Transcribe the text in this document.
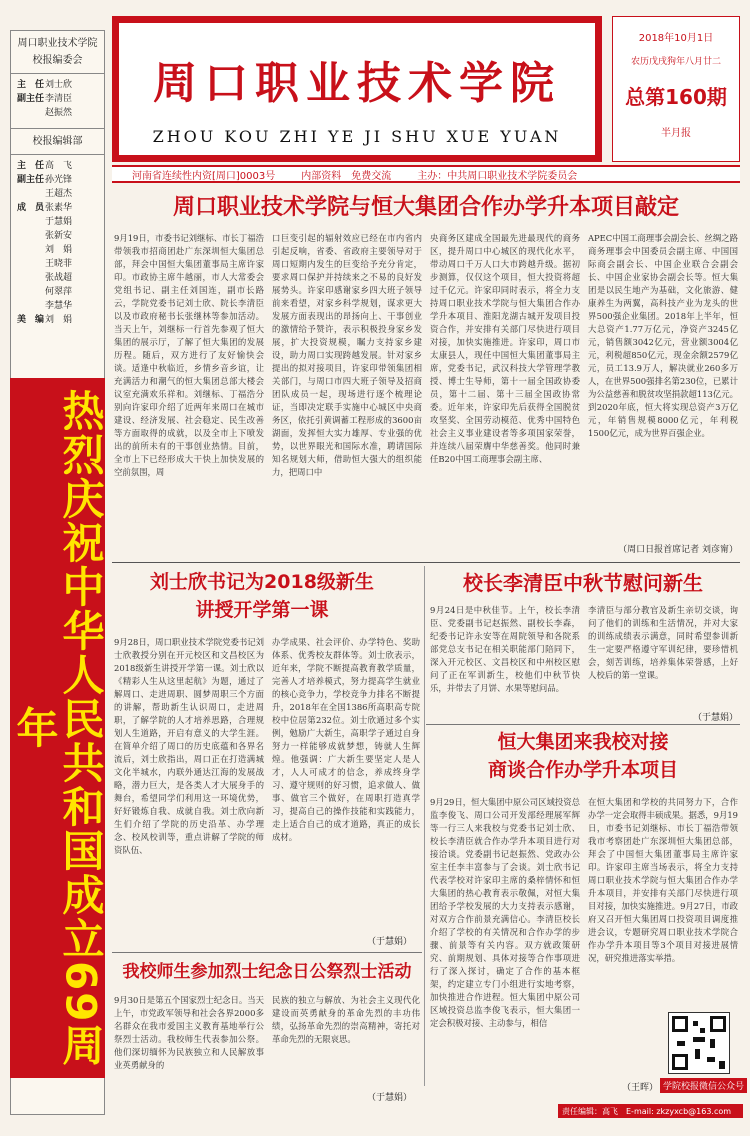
周口职业技术学院
校报编委会
主　任刘士欣
副主任李清臣
赵振然
校报编辑部
主　任高　飞
副主任孙光锋
王超杰
成　员张素华
于慧娟
张新安
刘　娟
王晓菲
张战超
何翠萍
李慧华
美　编刘　娟
热烈庆祝中华人民共和国成立69周年
周口职业技术学院
ZHOU KOU ZHI YE JI SHU XUE YUAN
2018年10月1日
农历戊戌狗年八月廿二
总第160期
半月报
河南省连续性内资[周口]0003号	内部资料　免费交流	主办：中共周口职业技术学院委员会
周口职业技术学院与恒大集团合作办学升本项目敲定
9月19日，市委书记刘继标、市长丁福浩带领我市招商团赴广东深圳恒大集团总部，拜会中国恒大集团董事局主席许家印。市政协主席牛越丽，市人大常委会党组书记、副主任刘国连，副市长路云，学院党委书记刘士欣、院长李清臣以及市政府秘书长张继林等参加活动。当天上午，刘继标一行首先参观了恒大集团的展示厅，了解了恒大集团的发展历程。随后，双方进行了友好愉快会谈。适逢中秋临近，乡情乡音乡谊，让充满活力和潮气的恒大集团总部大楼会议室充满欢乐祥和。刘继标、丁福浩分别向许家印介绍了近两年来周口在城市建设、经济发展、社会稳定、民生改善等方面取得的成就，以及全市上下喷发出的前所未有的干事创业热情。目前，全市上下已经形成大干快上加快发展的空前氛围，周
口巨变引起的辐射效应已经在市内省内引起反响，省委、省政府主要领导对于周口短期内发生的巨变给予充分肯定，要求周口保护并持续来之不易的良好发展势头。许家印感谢家乡四大班子领导前来看望，对家乡科学规划，谋求更大发展方面表现出的昂扬向上、干事创业的激情给予赞许，表示积极投身家乡发展，扩大投资规模，瞩力支持家乡建设，助力周口实现跨越发展。针对家乡提出的拟对接项目，许家印带领集团相关部门，与周口市四大班子领导及招商团队成员一起，现场进行逐个梳理论证，当即决定联手实施中心城区中央商务区，依托引黄调蓄工程形成的3600亩湖面，发挥恒大实力雄厚、专业强的优势，以世界眼光和国际水准，聘请国际知名规划大师，借助恒大强大的组织能力，把周口中
央商务区建成全国最先进最现代的商务区，提升周口中心城区的现代化水平，带动周口千万人口大市跨越升级。据初步测算，仅仅这个项目，恒大投资将超过千亿元。许家印同时表示，将全力支持周口职业技术学院与恒大集团合作办学升本项目、淮阳龙湖古城开发项目投资合作，并安排有关部门尽快进行项目对接，加快实施推进。许家印，周口市太康县人，现任中国恒大集团董事局主席，党委书记，武汉科技大学管理学教授、博士生导师，第十一届全国政协委员，第十二届、第十三届全国政协常委。近年来，许家印先后获得全国脱贫攻坚奖、全国劳动模范、优秀中国特色社会主义事业建设者等多项国家荣誉，并连续八届荣膺中华慈善奖。他同时兼任B20中国工商理事会副主席、
APEC中国工商理事会副会长、丝绸之路商务理事会中国委员会副主席、中国国际商会副会长、中国企业联合会副会长、中国企业家协会副会长等。恒大集团是以民生地产为基础，文化旅游、健康养生为两翼，高科技产业为龙头的世界500强企业集团。2018年上半年，恒大总资产1.77万亿元，净资产3245亿元，销售额3042亿元，营业额3004亿元，利税超850亿元，现金余额2579亿元，员工13.9万人，解决就业260多万人，在世界500强排名第230位，已累计为公益慈善和脱贫攻坚捐款超113亿元。到2020年底，恒大将实现总资产3万亿元，年销售规模8000亿元，年利税1500亿元，成为世界百强企业。
（周口日报首席记者 刘彦甯）
刘士欣书记为2018级新生
讲授开学第一课
9月28日，周口职业技术学院党委书记刘士欣教授分别在开元校区和文昌校区为2018级新生讲授开学第一课。刘士欣以《精彩人生从这里起航》为题，通过了解周口、走进周职、圆梦周职三个方面的讲解，帮助新生认识周口，走进周职，了解学院的人才培养思路，合理规划人生道路，开启有意义的大学生涯。在简单介绍了周口的历史底蕴和各界名流后，刘士欣指出，周口正在打造满城文化半城水，内联外通达江海的发展战略，潜力巨大，是各类人才大展身手的舞台，希望同学们利用这一环境优势，好好锻炼自我、成就自我。刘士欣向新生们介绍了学院的历史沿革、办学理念、校风校训等，重点讲解了学院的师资队伍、
办学成果、社会评价、办学特色、奖助体系、优秀校友群体等。刘士欣表示，近年来，学院不断提高教育教学质量，完善人才培养模式，努力提高学生就业的核心竞争力，学校竞争力排名不断提升，2018年在全国1386所高职高专院校中位居第232位。刘士欣通过多个实例，勉励广大新生，高职学子通过自身努力一样能够成就梦想，铸就人生辉煌。他强调：广大新生要坚定人是人才，人人可成才的信念，养成终身学习、遵守规则的好习惯，追求做人、做事、做官三个做好，在周职打造真学习，提高自己的操作技能和实践能力，走上适合自己的成才道路，真正的成长成材。
（于慧娟）
校长李清臣中秋节慰问新生
9月24日是中秋佳节。上午，校长李清臣、党委副书记赵振然、副校长李森，纪委书记许永安等在周院领导和各院系部党总支书记在相关职能部门陪同下，深入开元校区、文昌校区和中州校区慰问了正在军训新生，校他们中秋节快乐，并带去了月饼、水果等慰问品。
李清臣与部分教官及新生亲切交谈，询问了他们的训练和生活情况，并对大家的训练成绩表示满意，同时希望参训新生一定要严格遵守军训纪律，要珍惜机会，刻苦训练，培养集体荣誉感，上好人校后的第一堂课。
（于慧娟）
恒大集团来我校对接
商谈合作办学升本项目
9月29日，恒大集团中原公司区域投资总监李俊飞、周口公司开发部经理展军辉等一行三人来我校与党委书记刘士欣、校长李清臣就合作办学升本项目进行对接洽谈。党委副书记赵振然、党政办公室主任李丰富参与了会谈。刘士欣书记代表学校对许家印主席的桑梓情怀和恒大集团的热心教育表示敬佩，对恒大集团给予学校发展的大力支持表示感谢，对双方合作前景充满信心。李清臣校长介绍了学校的有关情况和合作办学的步骤、前景等有关内容。双方就政策研究、前期规划、具体对接等合作事项进行了深入探讨，确定了合作的基本框架，约定建立专门小组进行实地考察，加快推进合作进程。恒大集团中原公司区域投资总监李俊飞表示，恒大集团一定会积极对接、主动参与，相信
在恒大集团和学校的共同努力下，合作办学一定会取得丰硕成果。据悉，9月19日，市委书记刘继标、市长丁福浩带领我市考察团赴广东深圳恒大集团总部，拜会了中国恒大集团董事局主席许家印。许家印主席当场表示，将全力支持周口职业技术学院与恒大集团合作办学升本项目，并安排有关部门尽快进行项目对接，加快实施推进。9月27日，市政府又召开恒大集团周口投资项目调度推进会议，专题研究周口职业技术学院合作办学升本项目等3个项目对接进展情况，研究推进落实举措。
（王晖）
我校师生参加烈士纪念日公祭烈士活动
9月30日是第五个国家烈士纪念日。当天上午，市党政军领导和社会各界2000多名群众在我市爱国主义教育基地举行公祭烈士活动。我校师生代表参加公祭。他们深切缅怀为民族独立和人民解放事业英勇献身的
民族的独立与解放、为社会主义现代化建设而英勇献身的革命先烈的丰功伟绩，弘扬革命先烈的崇高精神，寄托对革命先烈的无限哀思。
（于慧娟）
学院校报微信公众号
责任编辑：高飞　E-mail: zkzyxcb@163.com
